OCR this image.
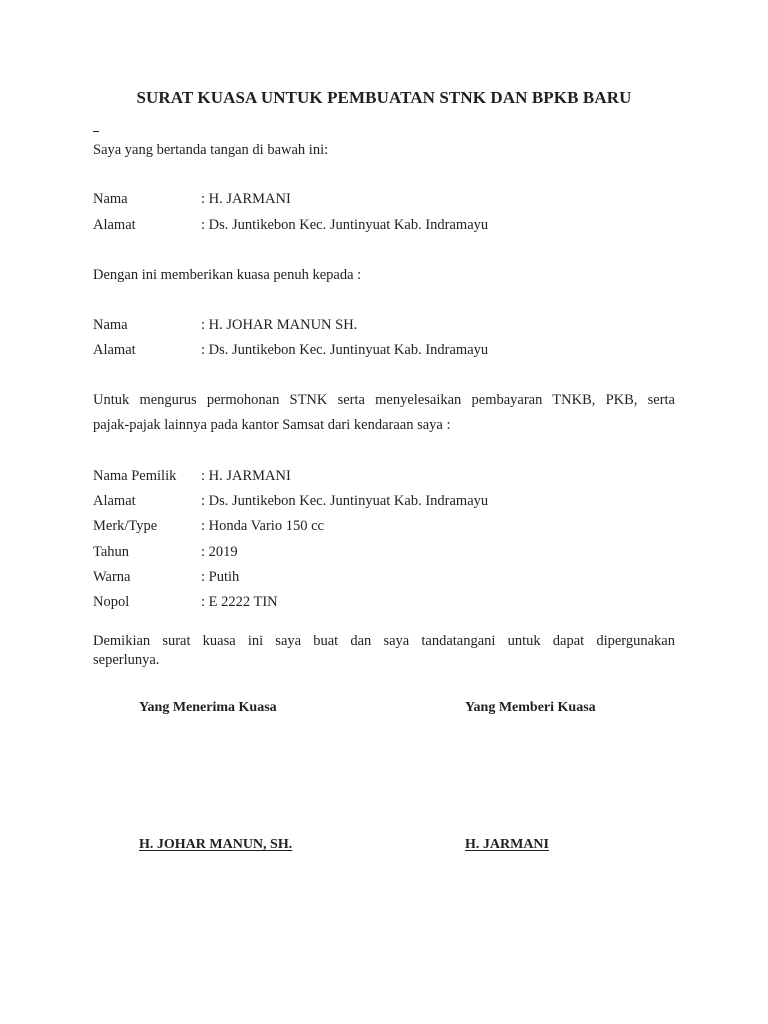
SURAT KUASA UNTUK PEMBUATAN STNK DAN BPKB BARU
Saya yang bertanda tangan di bawah ini:
Nama	: H. JARMANI
Alamat	: Ds. Juntikebon Kec. Juntinyuat Kab. Indramayu
Dengan ini memberikan kuasa penuh kepada :
Nama	: H. JOHAR MANUN SH.
Alamat	: Ds. Juntikebon Kec. Juntinyuat Kab. Indramayu
Untuk mengurus permohonan STNK serta menyelesaikan pembayaran TNKB, PKB, serta
pajak-pajak lainnya pada kantor Samsat dari kendaraan saya :
Nama Pemilik : H. JARMANI
Alamat	: Ds. Juntikebon Kec. Juntinyuat Kab. Indramayu
Merk/Type	: Honda Vario 150 cc
Tahun	: 2019
Warna	: Putih
Nopol	: E 2222 TIN
Demikian surat kuasa ini saya buat dan saya tandatangani untuk dapat dipergunakan
seperlunya.
Yang Menerima Kuasa	Yang Memberi Kuasa
H. JOHAR MANUN, SH.	H. JARMANI
